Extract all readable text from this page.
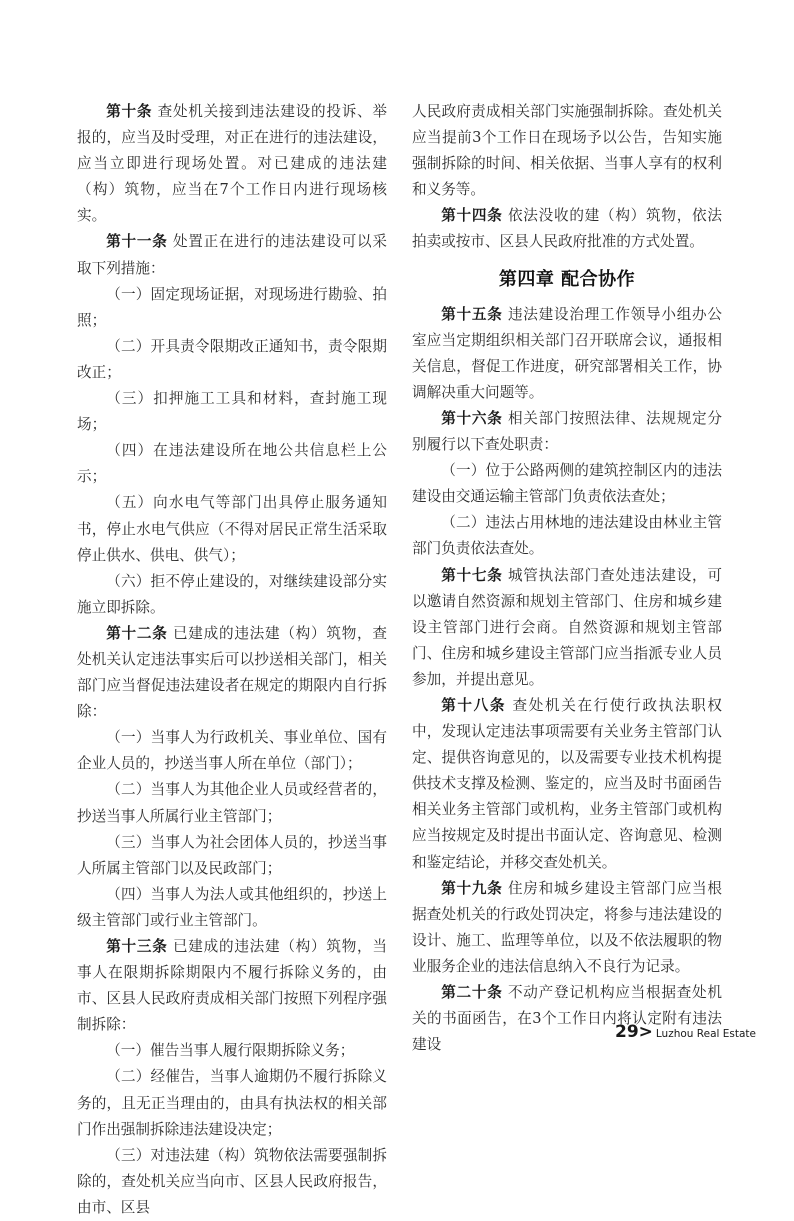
第十条 查处机关接到违法建设的投诉、举报的，应当及时受理，对正在进行的违法建设，应当立即进行现场处置。对已建成的违法建（构）筑物，应当在7个工作日内进行现场核实。

第十一条 处置正在进行的违法建设可以采取下列措施：

（一）固定现场证据，对现场进行勘验、拍照；

（二）开具责令限期改正通知书，责令限期改正；

（三）扣押施工工具和材料，查封施工现场；

（四）在违法建设所在地公共信息栏上公示；

（五）向水电气等部门出具停止服务通知书，停止水电气供应（不得对居民正常生活采取停止供水、供电、供气）；

（六）拒不停止建设的，对继续建设部分实施立即拆除。

第十二条 已建成的违法建（构）筑物，查处机关认定违法事实后可以抄送相关部门，相关部门应当督促违法建设者在规定的期限内自行拆除：

（一）当事人为行政机关、事业单位、国有企业人员的，抄送当事人所在单位（部门）；

（二）当事人为其他企业人员或经营者的，抄送当事人所属行业主管部门；

（三）当事人为社会团体人员的，抄送当事人所属主管部门以及民政部门；

（四）当事人为法人或其他组织的，抄送上级主管部门或行业主管部门。

第十三条 已建成的违法建（构）筑物，当事人在限期拆除期限内不履行拆除义务的，由市、区县人民政府责成相关部门按照下列程序强制拆除：

（一）催告当事人履行限期拆除义务；

（二）经催告，当事人逾期仍不履行拆除义务的，且无正当理由的，由具有执法权的相关部门作出强制拆除违法建设决定；

（三）对违法建（构）筑物依法需要强制拆除的，查处机关应当向市、区县人民政府报告，由市、区县

人民政府责成相关部门实施强制拆除。查处机关应当提前3个工作日在现场予以公告，告知实施强制拆除的时间、相关依据、当事人享有的权利和义务等。

第十四条 依法没收的建（构）筑物，依法拍卖或按市、区县人民政府批准的方式处置。

第四章 配合协作

第十五条 违法建设治理工作领导小组办公室应当定期组织相关部门召开联席会议，通报相关信息，督促工作进度，研究部署相关工作，协调解决重大问题等。

第十六条 相关部门按照法律、法规规定分别履行以下查处职责：

（一）位于公路两侧的建筑控制区内的违法建设由交通运输主管部门负责依法查处；

（二）违法占用林地的违法建设由林业主管部门负责依法查处。

第十七条 城管执法部门查处违法建设，可以邀请自然资源和规划主管部门、住房和城乡建设主管部门进行会商。自然资源和规划主管部门、住房和城乡建设主管部门应当指派专业人员参加，并提出意见。

第十八条 查处机关在行使行政执法职权中，发现认定违法事项需要有关业务主管部门认定、提供咨询意见的，以及需要专业技术机构提供技术支撑及检测、鉴定的，应当及时书面函告相关业务主管部门或机构，业务主管部门或机构应当按规定及时提出书面认定、咨询意见、检测和鉴定结论，并移交查处机关。

第十九条 住房和城乡建设主管部门应当根据查处机关的行政处罚决定，将参与违法建设的设计、施工、监理等单位，以及不依法履职的物业服务企业的违法信息纳入不良行为记录。

第二十条 不动产登记机构应当根据查处机关的书面函告，在3个工作日内将认定附有违法建设

29> Luzhou Real Estate
